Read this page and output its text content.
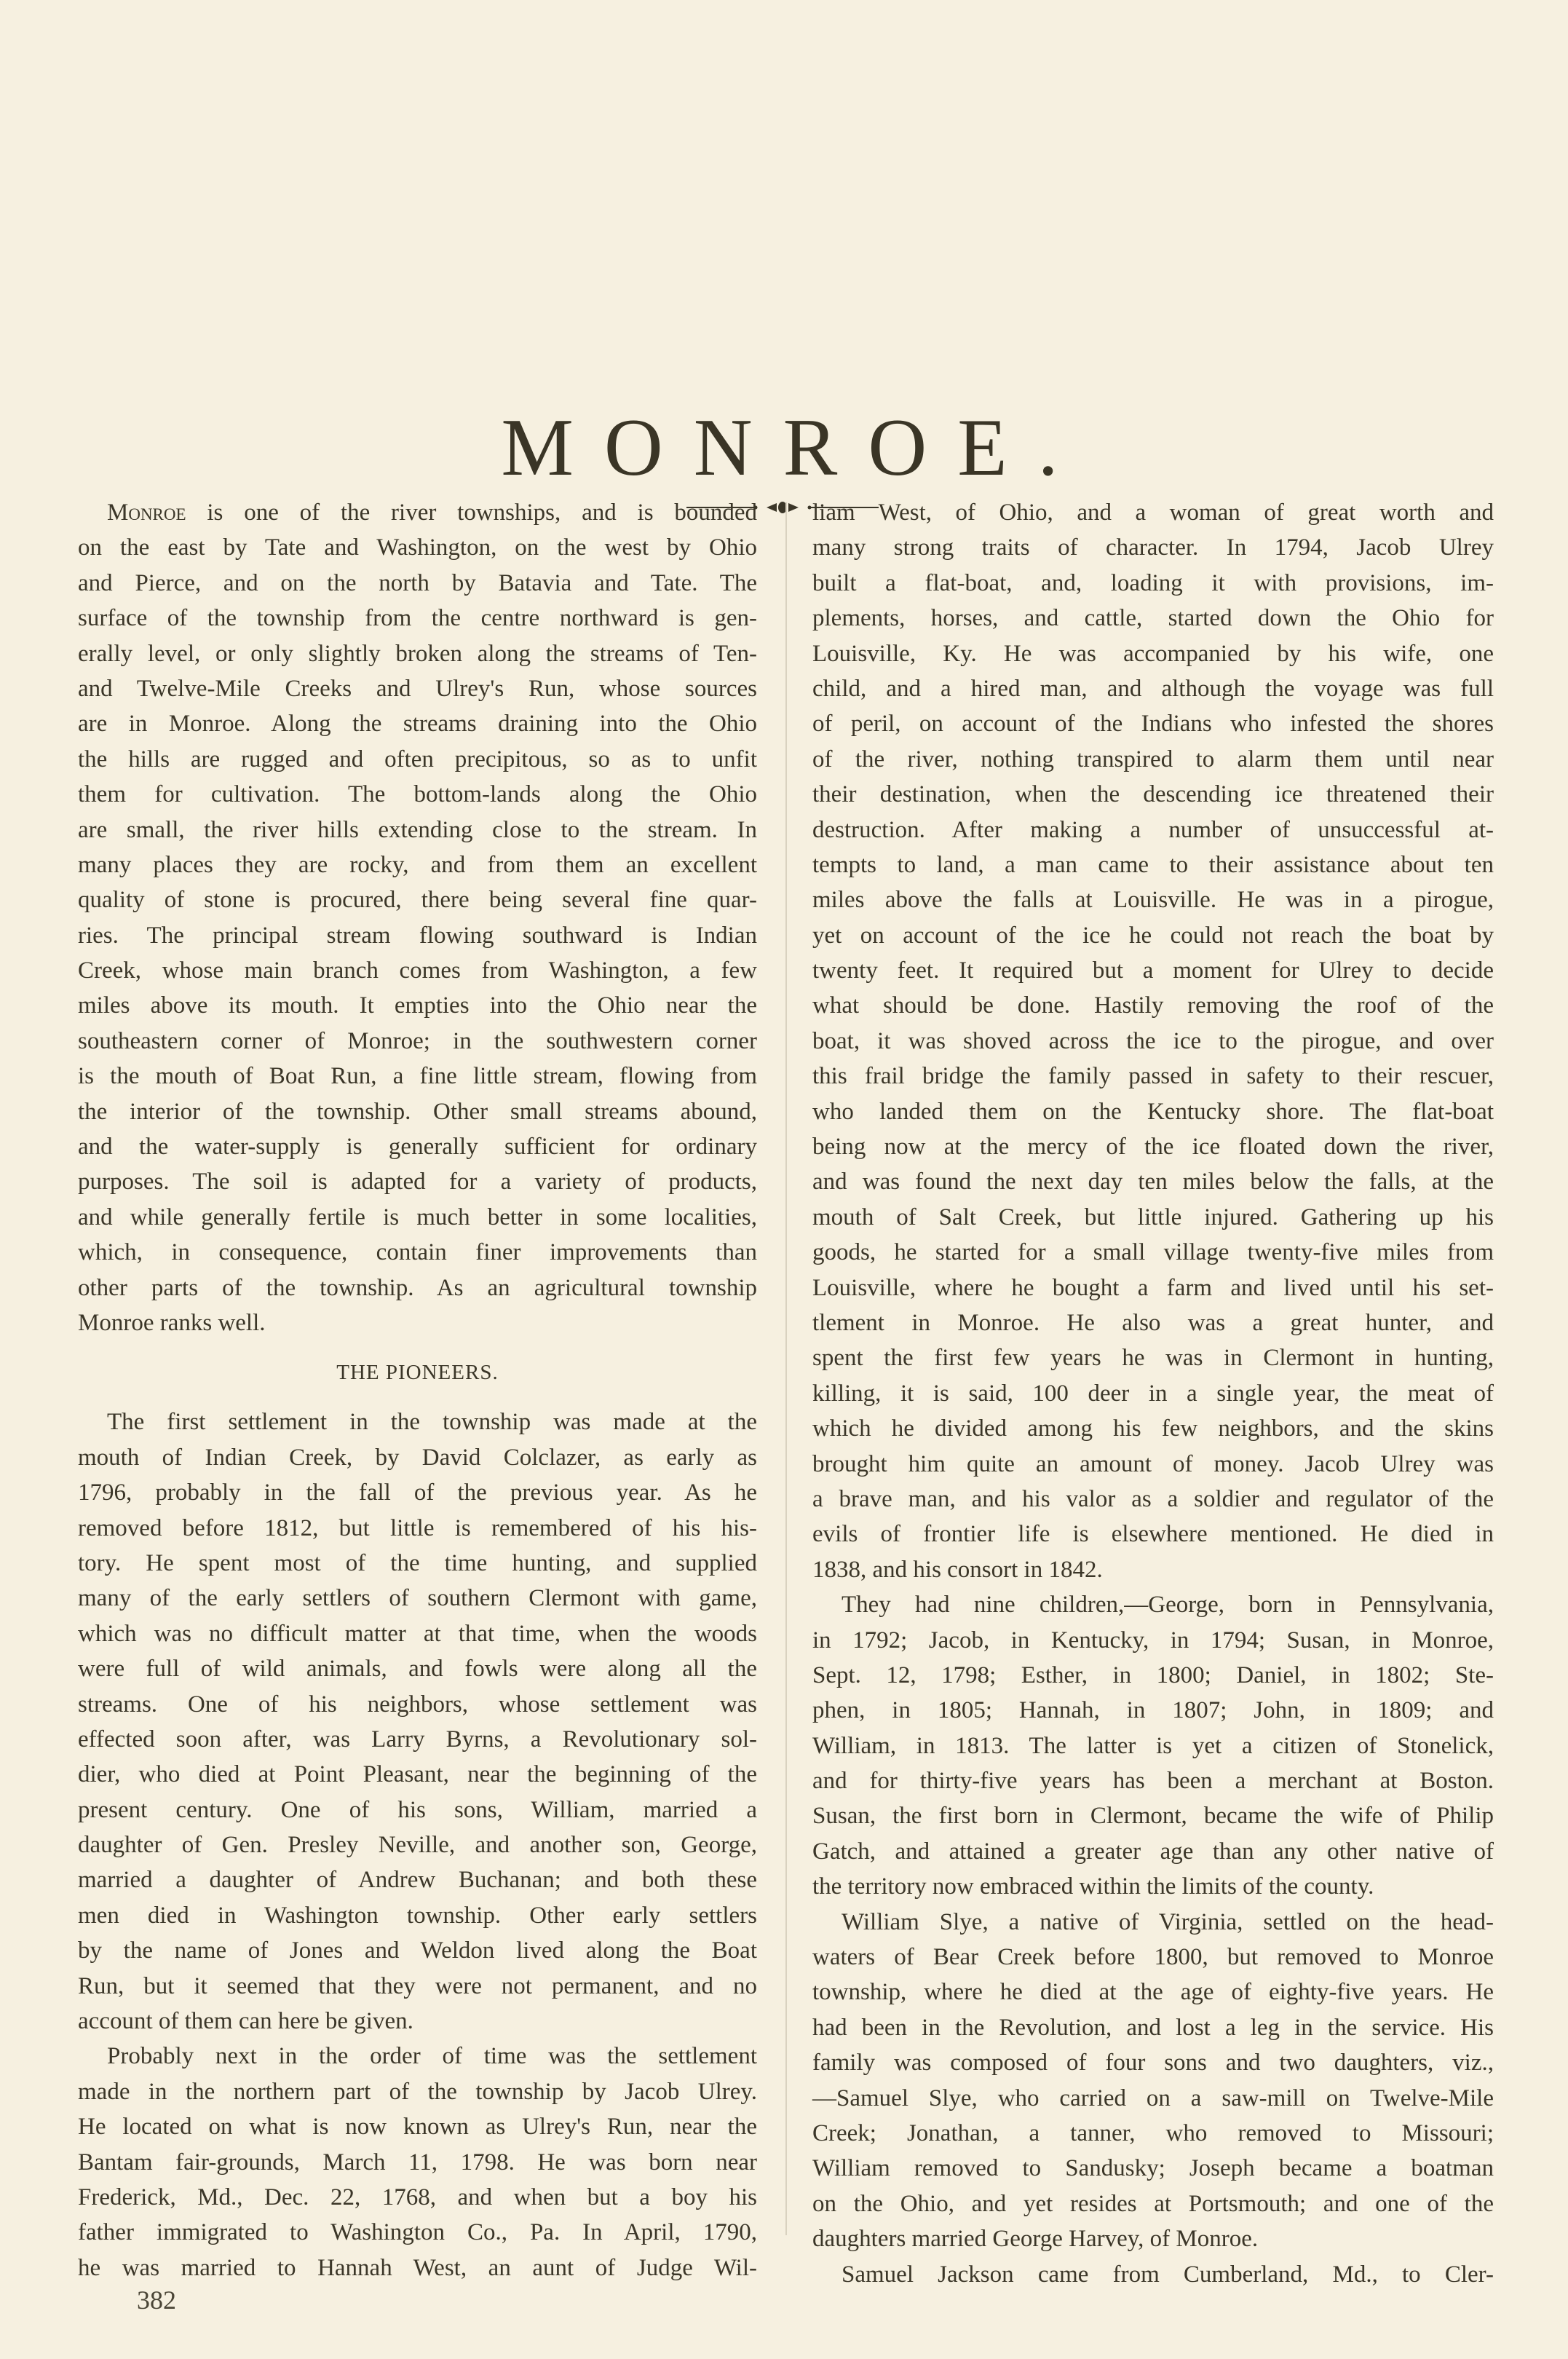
MONROE.
Monroe is one of the river townships, and is bounded
on the east by Tate and Washington, on the west by Ohio
and Pierce, and on the north by Batavia and Tate. The
surface of the township from the centre northward is gen-
erally level, or only slightly broken along the streams of Ten-
and Twelve-Mile Creeks and Ulrey's Run, whose sources
are in Monroe. Along the streams draining into the Ohio
the hills are rugged and often precipitous, so as to unfit
them for cultivation. The bottom-lands along the Ohio
are small, the river hills extending close to the stream. In
many places they are rocky, and from them an excellent
quality of stone is procured, there being several fine quar-
ries. The principal stream flowing southward is Indian
Creek, whose main branch comes from Washington, a few
miles above its mouth. It empties into the Ohio near the
southeastern corner of Monroe; in the southwestern corner
is the mouth of Boat Run, a fine little stream, flowing from
the interior of the township. Other small streams abound,
and the water-supply is generally sufficient for ordinary
purposes. The soil is adapted for a variety of products,
and while generally fertile is much better in some localities,
which, in consequence, contain finer improvements than
other parts of the township. As an agricultural township
Monroe ranks well.
THE PIONEERS.
The first settlement in the township was made at the
mouth of Indian Creek, by David Colclazer, as early as
1796, probably in the fall of the previous year. As he
removed before 1812, but little is remembered of his his-
tory. He spent most of the time hunting, and supplied
many of the early settlers of southern Clermont with game,
which was no difficult matter at that time, when the woods
were full of wild animals, and fowls were along all the
streams. One of his neighbors, whose settlement was
effected soon after, was Larry Byrns, a Revolutionary sol-
dier, who died at Point Pleasant, near the beginning of the
present century. One of his sons, William, married a
daughter of Gen. Presley Neville, and another son, George,
married a daughter of Andrew Buchanan; and both these
men died in Washington township. Other early settlers
by the name of Jones and Weldon lived along the Boat
Run, but it seemed that they were not permanent, and no
account of them can here be given.
Probably next in the order of time was the settlement
made in the northern part of the township by Jacob Ulrey.
He located on what is now known as Ulrey's Run, near the
Bantam fair-grounds, March 11, 1798. He was born near
Frederick, Md., Dec. 22, 1768, and when but a boy his
father immigrated to Washington Co., Pa. In April, 1790,
he was married to Hannah West, an aunt of Judge Wil-
liam West, of Ohio, and a woman of great worth and
many strong traits of character. In 1794, Jacob Ulrey
built a flat-boat, and, loading it with provisions, im-
plements, horses, and cattle, started down the Ohio for
Louisville, Ky. He was accompanied by his wife, one
child, and a hired man, and although the voyage was full
of peril, on account of the Indians who infested the shores
of the river, nothing transpired to alarm them until near
their destination, when the descending ice threatened their
destruction. After making a number of unsuccessful at-
tempts to land, a man came to their assistance about ten
miles above the falls at Louisville. He was in a pirogue,
yet on account of the ice he could not reach the boat by
twenty feet. It required but a moment for Ulrey to decide
what should be done. Hastily removing the roof of the
boat, it was shoved across the ice to the pirogue, and over
this frail bridge the family passed in safety to their rescuer,
who landed them on the Kentucky shore. The flat-boat
being now at the mercy of the ice floated down the river,
and was found the next day ten miles below the falls, at the
mouth of Salt Creek, but little injured. Gathering up his
goods, he started for a small village twenty-five miles from
Louisville, where he bought a farm and lived until his set-
tlement in Monroe. He also was a great hunter, and
spent the first few years he was in Clermont in hunting,
killing, it is said, 100 deer in a single year, the meat of
which he divided among his few neighbors, and the skins
brought him quite an amount of money. Jacob Ulrey was
a brave man, and his valor as a soldier and regulator of the
evils of frontier life is elsewhere mentioned. He died in
1838, and his consort in 1842.
They had nine children,—George, born in Pennsylvania,
in 1792; Jacob, in Kentucky, in 1794; Susan, in Monroe,
Sept. 12, 1798; Esther, in 1800; Daniel, in 1802; Ste-
phen, in 1805; Hannah, in 1807; John, in 1809; and
William, in 1813. The latter is yet a citizen of Stonelick,
and for thirty-five years has been a merchant at Boston.
Susan, the first born in Clermont, became the wife of Philip
Gatch, and attained a greater age than any other native of
the territory now embraced within the limits of the county.
William Slye, a native of Virginia, settled on the head-
waters of Bear Creek before 1800, but removed to Monroe
township, where he died at the age of eighty-five years. He
had been in the Revolution, and lost a leg in the service. His
family was composed of four sons and two daughters, viz.,
—Samuel Slye, who carried on a saw-mill on Twelve-Mile
Creek; Jonathan, a tanner, who removed to Missouri;
William removed to Sandusky; Joseph became a boatman
on the Ohio, and yet resides at Portsmouth; and one of the
daughters married George Harvey, of Monroe.
Samuel Jackson came from Cumberland, Md., to Cler-
382
